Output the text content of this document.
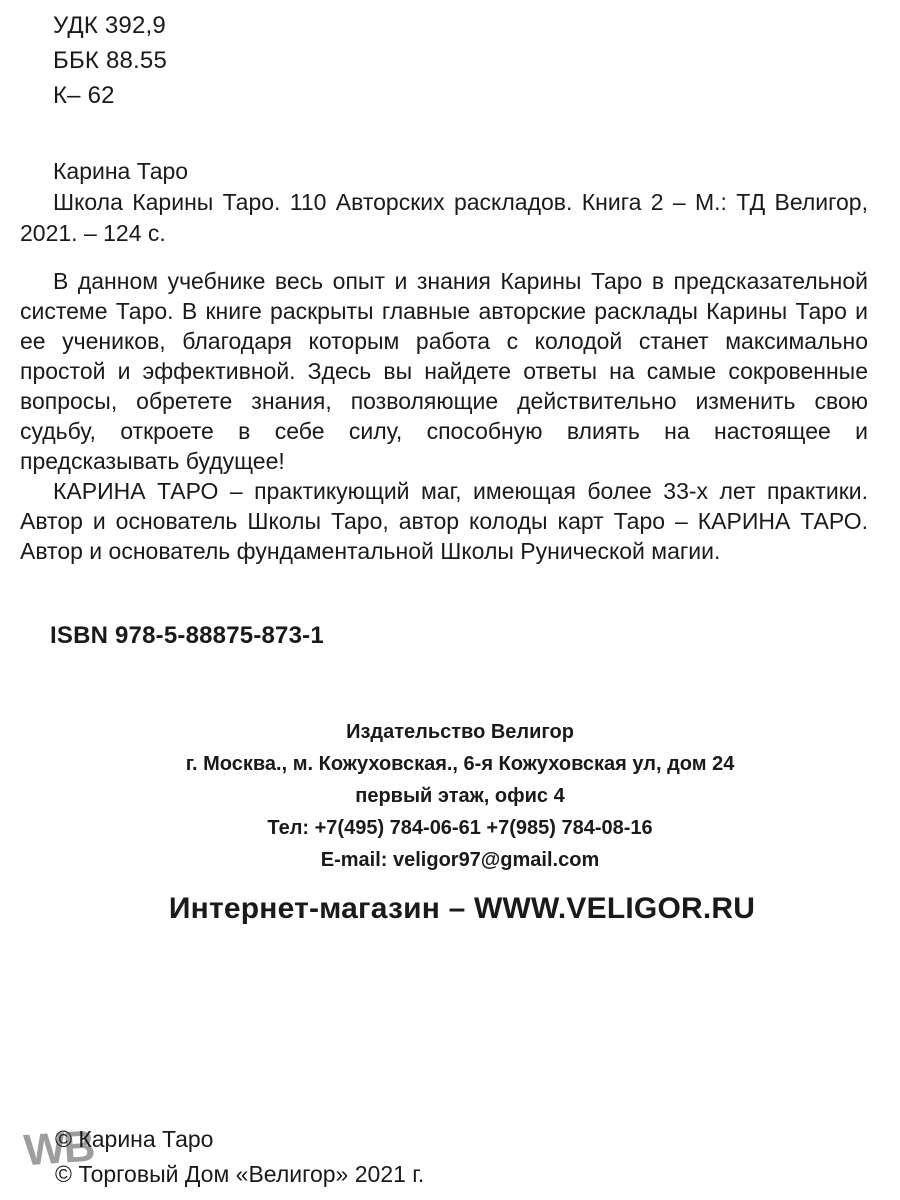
УДК 392,9
ББК 88.55
К– 62

Карина Таро

Школа Карины Таро. 110 Авторских раскладов. Книга 2 – М.: ТД Велигор, 2021. – 124 с.

В данном учебнике весь опыт и знания Карины Таро в предсказательной системе Таро. В книге раскрыты главные авторские расклады Карины Таро и ее учеников, благодаря которым работа с колодой станет максимально простой и эффективной. Здесь вы найдете ответы на самые сокровенные вопросы, обретете знания, позволяющие действительно изменить свою судьбу, откроете в себе силу, способную влиять на настоящее и предсказывать будущее!

КАРИНА ТАРО – практикующий маг, имеющая более 33-х лет практики. Автор и основатель Школы Таро, автор колоды карт Таро – КАРИНА ТАРО. Автор и основатель фундаментальной Школы Рунической магии.

ISBN 978-5-88875-873-1
Издательство Велигор
г. Москва., м. Кожуховская., 6-я Кожуховская ул, дом 24
первый этаж, офис 4
Тел: +7(495) 784-06-61 +7(985) 784-08-16
E-mail: veligor97@gmail.com
Интернет-магазин – WWW.VELIGOR.RU
WB
© Карина Таро
© Торговый Дом «Велигор» 2021 г.
